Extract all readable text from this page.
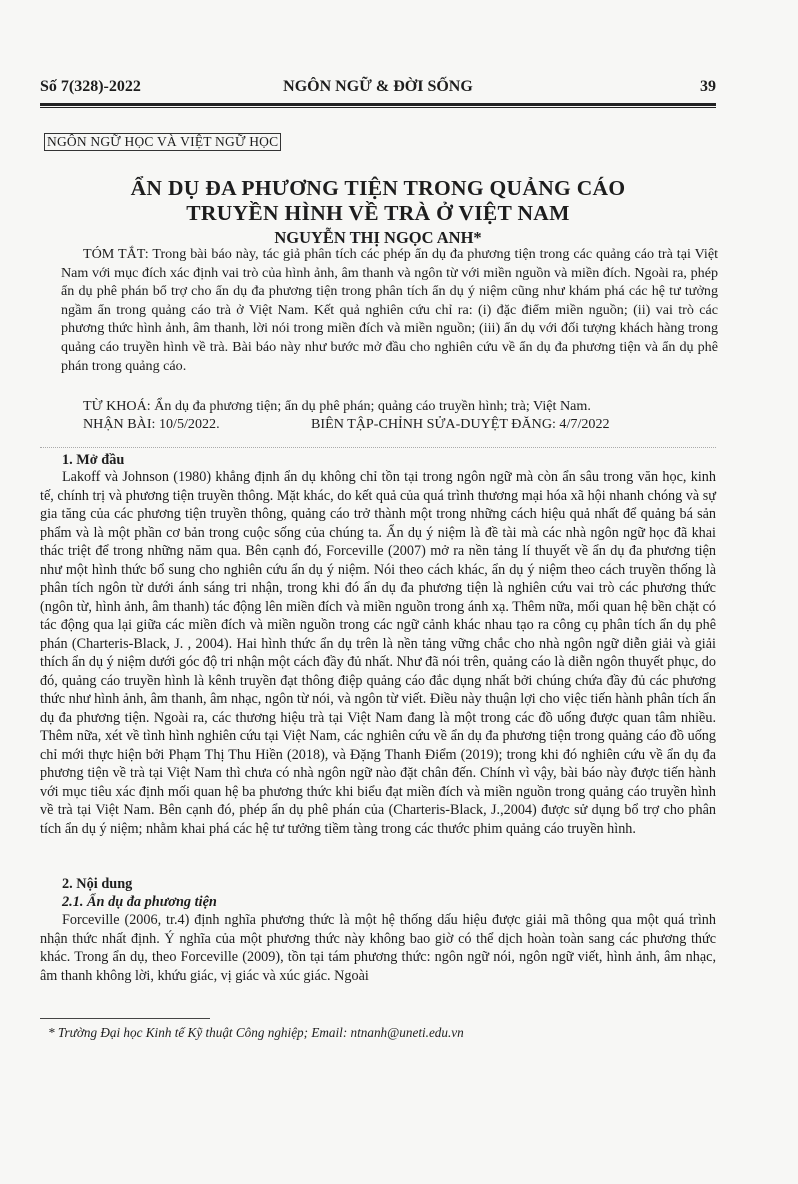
Số 7(328)-2022	NGÔN NGỮ & ĐỜI SỐNG	39
NGÔN NGỮ HỌC VÀ VIỆT NGỮ HỌC
ẨN DỤ ĐA PHƯƠNG TIỆN TRONG QUẢNG CÁO
TRUYỀN HÌNH VỀ TRÀ Ở VIỆT NAM
NGUYỄN THỊ NGỌC ANH*

TÓM TẮT: Trong bài báo này, tác giả phân tích các phép ẩn dụ đa phương tiện trong các quảng cáo trà tại Việt Nam với mục đích xác định vai trò của hình ảnh, âm thanh và ngôn từ với miền nguồn và miền đích. Ngoài ra, phép ẩn dụ phê phán bổ trợ cho ẩn dụ đa phương tiện trong phân tích ẩn dụ ý niệm cũng như khám phá các hệ tư tưởng ngầm ẩn trong quảng cáo trà ở Việt Nam. Kết quả nghiên cứu chỉ ra: (i) đặc điểm miền nguồn; (ii) vai trò các phương thức hình ảnh, âm thanh, lời nói trong miền đích và miền nguồn; (iii) ẩn dụ với đối tượng khách hàng trong quảng cáo truyền hình về trà. Bài báo này như bước mở đầu cho nghiên cứu về ẩn dụ đa phương tiện và ẩn dụ phê phán trong quảng cáo.

TỪ KHOÁ: Ẩn dụ đa phương tiện; ẩn dụ phê phán; quảng cáo truyền hình; trà; Việt Nam.

NHẬN BÀI: 10/5/2022.	BIÊN TẬP-CHỈNH SỬA-DUYỆT ĐĂNG: 4/7/2022
1. Mở đầu

Lakoff và Johnson (1980) khẳng định ẩn dụ không chỉ tồn tại trong ngôn ngữ mà còn ẩn sâu trong văn học, kinh tế, chính trị và phương tiện truyền thông. Mặt khác, do kết quả của quá trình thương mại hóa xã hội nhanh chóng và sự gia tăng của các phương tiện truyền thông, quảng cáo trở thành một trong những cách hiệu quả nhất để quảng bá sản phẩm và là một phần cơ bản trong cuộc sống của chúng ta. Ẩn dụ ý niệm là đề tài mà các nhà ngôn ngữ học đã khai thác triệt để trong những năm qua. Bên cạnh đó, Forceville (2007) mở ra nền tảng lí thuyết về ẩn dụ đa phương tiện như một hình thức bổ sung cho nghiên cứu ẩn dụ ý niệm. Nói theo cách khác, ẩn dụ ý niệm theo cách truyền thống là phân tích ngôn từ dưới ánh sáng tri nhận, trong khi đó ẩn dụ đa phương tiện là nghiên cứu vai trò các phương thức (ngôn từ, hình ảnh, âm thanh) tác động lên miền đích và miền nguồn trong ánh xạ. Thêm nữa, mối quan hệ bền chặt có tác động qua lại giữa các miền đích và miền nguồn trong các ngữ cảnh khác nhau tạo ra công cụ phân tích ẩn dụ phê phán (Charteris-Black, J. , 2004). Hai hình thức ẩn dụ trên là nền tảng vững chắc cho nhà ngôn ngữ diễn giải và giải thích ẩn dụ ý niệm dưới góc độ tri nhận một cách đầy đủ nhất. Như đã nói trên, quảng cáo là diễn ngôn thuyết phục, do đó, quảng cáo truyền hình là kênh truyền đạt thông điệp quảng cáo đắc dụng nhất bởi chúng chứa đầy đủ các phương thức như hình ảnh, âm thanh, âm nhạc, ngôn từ nói, và ngôn từ viết. Điều này thuận lợi cho việc tiến hành phân tích ẩn dụ đa phương tiện. Ngoài ra, các thương hiệu trà tại Việt Nam đang là một trong các đồ uống được quan tâm nhiều. Thêm nữa, xét về tình hình nghiên cứu tại Việt Nam, các nghiên cứu về ẩn dụ đa phương tiện trong quảng cáo đồ uống chỉ mới thực hiện bởi Phạm Thị Thu Hiền (2018), và Đặng Thanh Điểm (2019); trong khi đó nghiên cứu về ẩn dụ đa phương tiện về trà tại Việt Nam thì chưa có nhà ngôn ngữ nào đặt chân đến. Chính vì vậy, bài báo này được tiến hành với mục tiêu xác định mối quan hệ ba phương thức khi biểu đạt miền đích và miền nguồn trong quảng cáo truyền hình về trà tại Việt Nam. Bên cạnh đó, phép ẩn dụ phê phán của (Charteris-Black, J.,2004) được sử dụng bổ trợ cho phân tích ẩn dụ ý niệm; nhằm khai phá các hệ tư tưởng tiềm tàng trong các thước phim quảng cáo truyền hình.

2. Nội dung
2.1. Ẩn dụ đa phương tiện

Forceville (2006, tr.4) định nghĩa phương thức là một hệ thống dấu hiệu được giải mã thông qua một quá trình nhận thức nhất định. Ý nghĩa của một phương thức này không bao giờ có thể dịch hoàn toàn sang các phương thức khác. Trong ẩn dụ, theo Forceville (2009), tồn tại tám phương thức: ngôn ngữ nói, ngôn ngữ viết, hình ảnh, âm nhạc, âm thanh không lời, khứu giác, vị giác và xúc giác. Ngoài

* Trường Đại học Kinh tế Kỹ thuật Công nghiệp; Email: ntnanh@uneti.edu.vn
